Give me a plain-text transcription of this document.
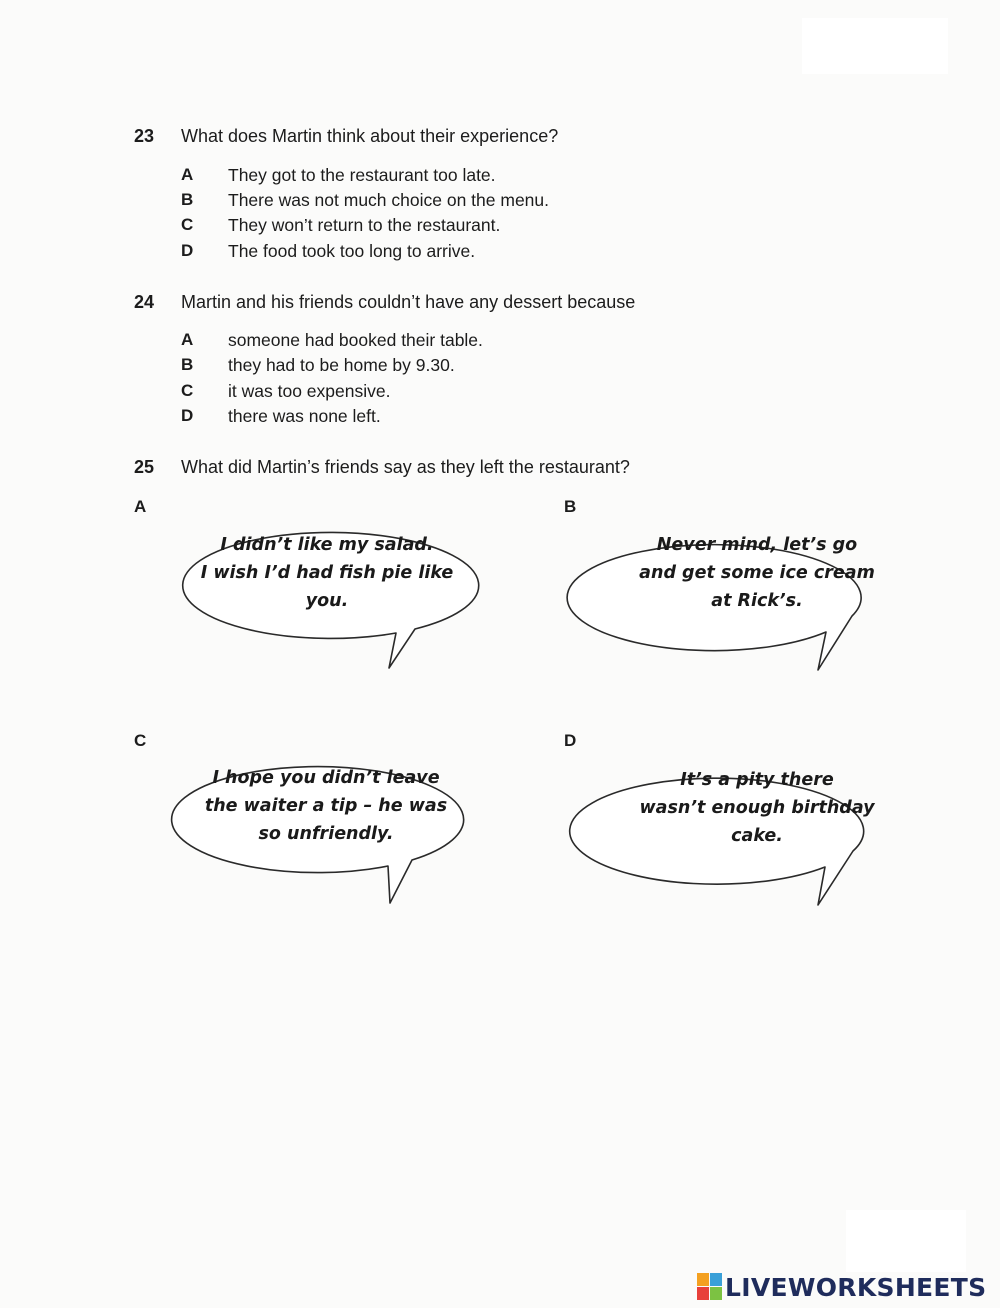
23 What does Martin think about their experience?
A They got to the restaurant too late.
B There was not much choice on the menu.
C They won’t return to the restaurant.
D The food took too long to arrive.
24 Martin and his friends couldn’t have any dessert because
A someone had booked their table.
B they had to be home by 9.30.
C it was too expensive.
D there was none left.
25 What did Martin’s friends say as they left the restaurant?
A
I didn’t like my salad.
I wish I’d had fish pie like
you.
B
Never mind, let’s go
and get some ice cream
at Rick’s.
C
I hope you didn’t leave
the waiter a tip – he was
so unfriendly.
D
It’s a pity there
wasn’t enough birthday
cake.
LIVEWORKSHEETS
